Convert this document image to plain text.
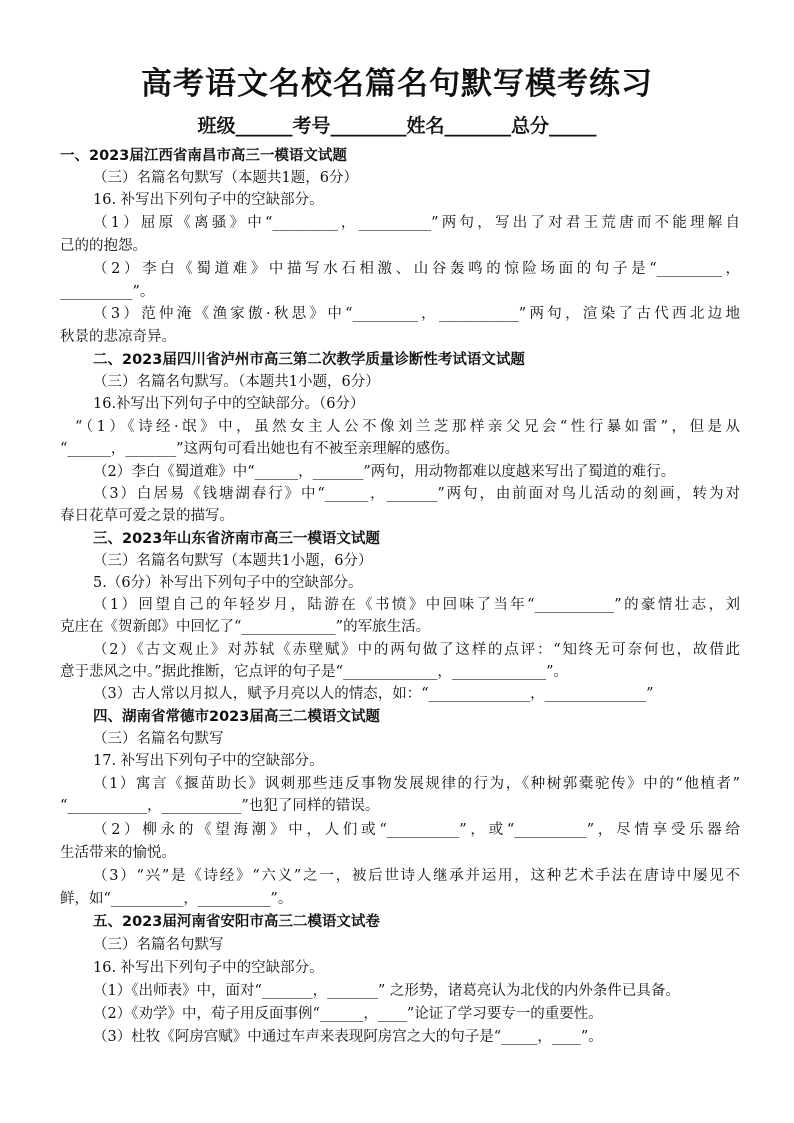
高考语文名校名篇名句默写模考练习

班级______考号________姓名_______总分_____

一、2023届江西省南昌市高三一模语文试题

（三）名篇名句默写（本题共1题，6分）

16. 补写出下列句子中的空缺部分。

（1）屈原《离骚》中“_________，__________”两句，写出了对君王荒唐而不能理解自

己的的抱怨。

（2）李白《蜀道难》中描写水石相激、山谷轰鸣的惊险场面的句子是“_________，

__________”。

（3）范仲淹《渔家傲·秋思》中“_________，___________”两句，渲染了古代西北边地

秋景的悲凉奇异。

二、2023届四川省泸州市高三第二次教学质量诊断性考试语文试题

（三）名篇名句默写。（本题共1小题，6分）

16.补写出下列句子中的空缺部分。（6分）

“（1）《诗经·氓》中，虽然女主人公不像刘兰芝那样亲父兄会“性行暴如雷”，但是从

“______，_______”这两句可看出她也有不被至亲理解的感伤。

（2）李白《蜀道难》中“______，_______”两句，用动物都难以度越来写出了蜀道的难行。

（3）白居易《钱塘湖春行》中“______，_______”两句，由前面对鸟儿活动的刻画，转为对

春日花草可爱之景的描写。

三、2023年山东省济南市高三一模语文试题

（三）名篇名句默写（本题共1小题，6分）

5.（6分）补写出下列句子中的空缺部分。

（1）回望自己的年轻岁月，陆游在《书愤》中回味了当年“___________”的豪情壮志，刘

克庄在《贺新郎》中回忆了“_____________”的军旅生活。

（2）《古文观止》对苏轼《赤壁赋》中的两句做了这样的点评：“知终无可奈何也，故借此

意于悲风之中。”据此推断，它点评的句子是“_____________，_____________”。

（3）古人常以月拟人，赋予月亮以人的情态，如：“______________，______________”

四、湖南省常德市2023届高三二模语文试题

（三）名篇名句默写

17. 补写出下列句子中的空缺部分。

（1）寓言《揠苗助长》讽刺那些违反事物发展规律的行为，《种树郭橐驼传》中的“他植者”

“___________，___________”也犯了同样的错误。

（2）柳永的《望海潮》中，人们或“__________”，或“__________”，尽情享受乐器给

生活带来的愉悦。

（3）“兴”是《诗经》“六义”之一，被后世诗人继承并运用，这种艺术手法在唐诗中屡见不

鲜，如“__________，__________”。

五、2023届河南省安阳市高三二模语文试卷

（三）名篇名句默写

16. 补写出下列句子中的空缺部分。

（1）《出师表》中，面对“_______，_______” 之形势，诸葛亮认为北伐的内外条件已具备。

（2）《劝学》中，荀子用反面事例“______，____”论证了学习要专一的重要性。

（3）杜牧《阿房宫赋》中通过车声来表现阿房宫之大的句子是“_____，____”。
